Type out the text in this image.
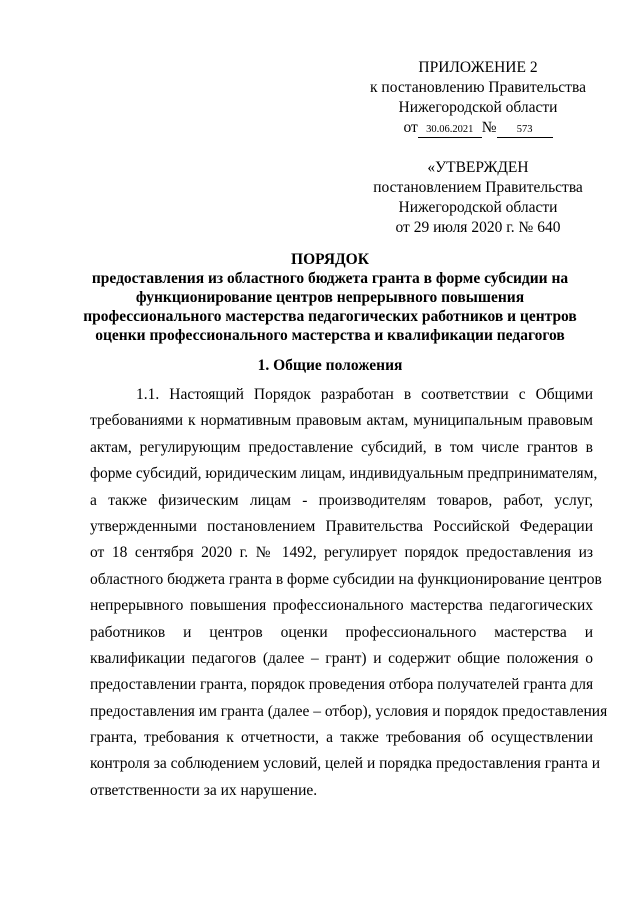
ПРИЛОЖЕНИЕ 2
к постановлению Правительства
Нижегородской области
от 30.06.2021 № 573
«УТВЕРЖДЕН
постановлением Правительства
Нижегородской области
от 29 июля 2020 г. № 640
ПОРЯДОК
предоставления из областного бюджета гранта в форме субсидии на
функционирование центров непрерывного повышения
профессионального мастерства педагогических работников и центров
оценки профессионального мастерства и квалификации педагогов
1. Общие положения
1.1. Настоящий Порядок разработан в соответствии с Общими
требованиями к нормативным правовым актам, муниципальным правовым
актам, регулирующим предоставление субсидий, в том числе грантов в
форме субсидий, юридическим лицам, индивидуальным предпринимателям,
а также физическим лицам - производителям товаров, работ, услуг,
утвержденными постановлением Правительства Российской Федерации
от 18 сентября 2020 г. № 1492, регулирует порядок предоставления из
областного бюджета гранта в форме субсидии на функционирование центров
непрерывного повышения профессионального мастерства педагогических
работников и центров оценки профессионального мастерства и
квалификации педагогов (далее – грант) и содержит общие положения о
предоставлении гранта, порядок проведения отбора получателей гранта для
предоставления им гранта (далее – отбор), условия и порядок предоставления
гранта, требования к отчетности, а также требования об осуществлении
контроля за соблюдением условий, целей и порядка предоставления гранта и
ответственности за их нарушение.
